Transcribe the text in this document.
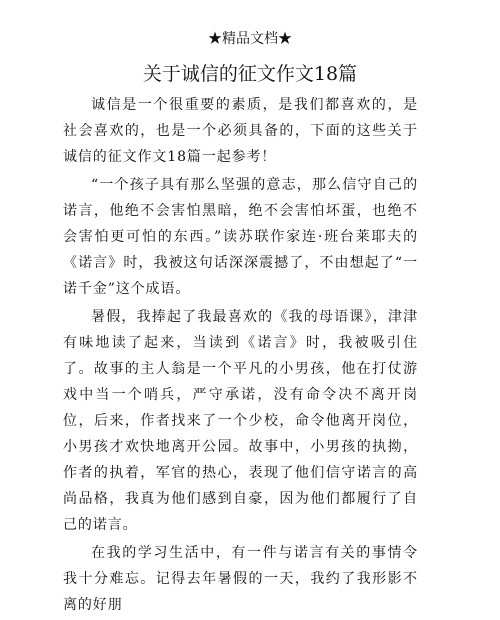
★精品文档★
关于诚信的征文作文18篇

诚信是一个很重要的素质，是我们都喜欢的，是社会喜欢的，也是一个必须具备的，下面的这些关于诚信的征文作文18篇一起参考！

“一个孩子具有那么坚强的意志，那么信守自己的诺言，他绝不会害怕黑暗，绝不会害怕坏蛋，也绝不会害怕更可怕的东西。”读苏联作家连·班台莱耶夫的《诺言》时，我被这句话深深震撼了，不由想起了“一诺千金”这个成语。

暑假，我捧起了我最喜欢的《我的母语课》，津津有味地读了起来，当读到《诺言》时，我被吸引住了。故事的主人翁是一个平凡的小男孩，他在打仗游戏中当一个哨兵，严守承诺，没有命令决不离开岗位，后来，作者找来了一个少校，命令他离开岗位，小男孩才欢快地离开公园。故事中，小男孩的执拗，作者的执着，军官的热心，表现了他们信守诺言的高尚品格，我真为他们感到自豪，因为他们都履行了自己的诺言。

在我的学习生活中，有一件与诺言有关的事情令我十分难忘。记得去年暑假的一天，我约了我形影不离的好朋
